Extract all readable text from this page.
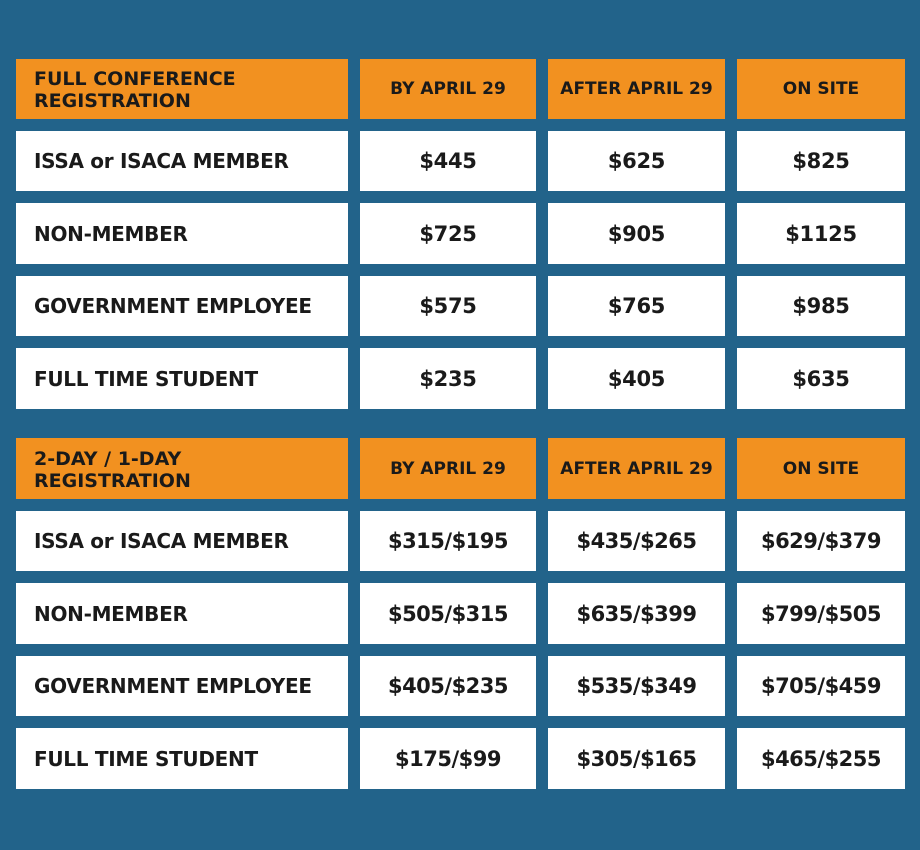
FULL CONFERENCE
REGISTRATION
BY APRIL 29	AFTER APRIL 29	ON SITE
ISSA or ISACA MEMBER	$445	$625	$825
NON-MEMBER	$725	$905	$1125
GOVERNMENT EMPLOYEE	$575	$765	$985
FULL TIME STUDENT	$235	$405	$635
2-DAY / 1-DAY
REGISTRATION
BY APRIL 29	AFTER APRIL 29	ON SITE
ISSA or ISACA MEMBER	$315/$195	$435/$265	$629/$379
NON-MEMBER	$505/$315	$635/$399	$799/$505
GOVERNMENT EMPLOYEE	$405/$235	$535/$349	$705/$459
FULL TIME STUDENT	$175/$99	$305/$165	$465/$255
